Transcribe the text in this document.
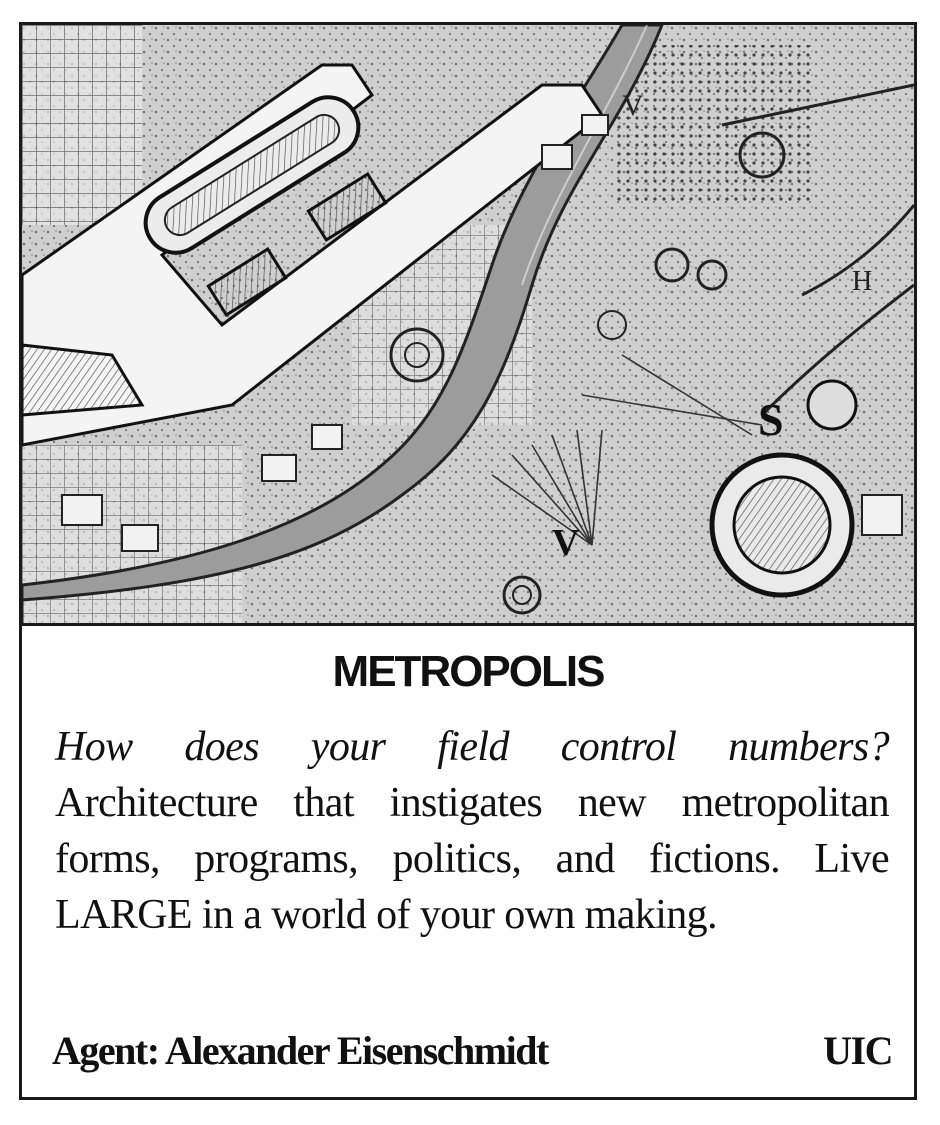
V
S
V
H
METROPOLIS
How does your field control numbers? Architecture that instigates new metropolitan forms, programs, politics, and fictions. Live LARGE in a world of your own making.
Agent: Alexander Eisenschmidt	UIC
